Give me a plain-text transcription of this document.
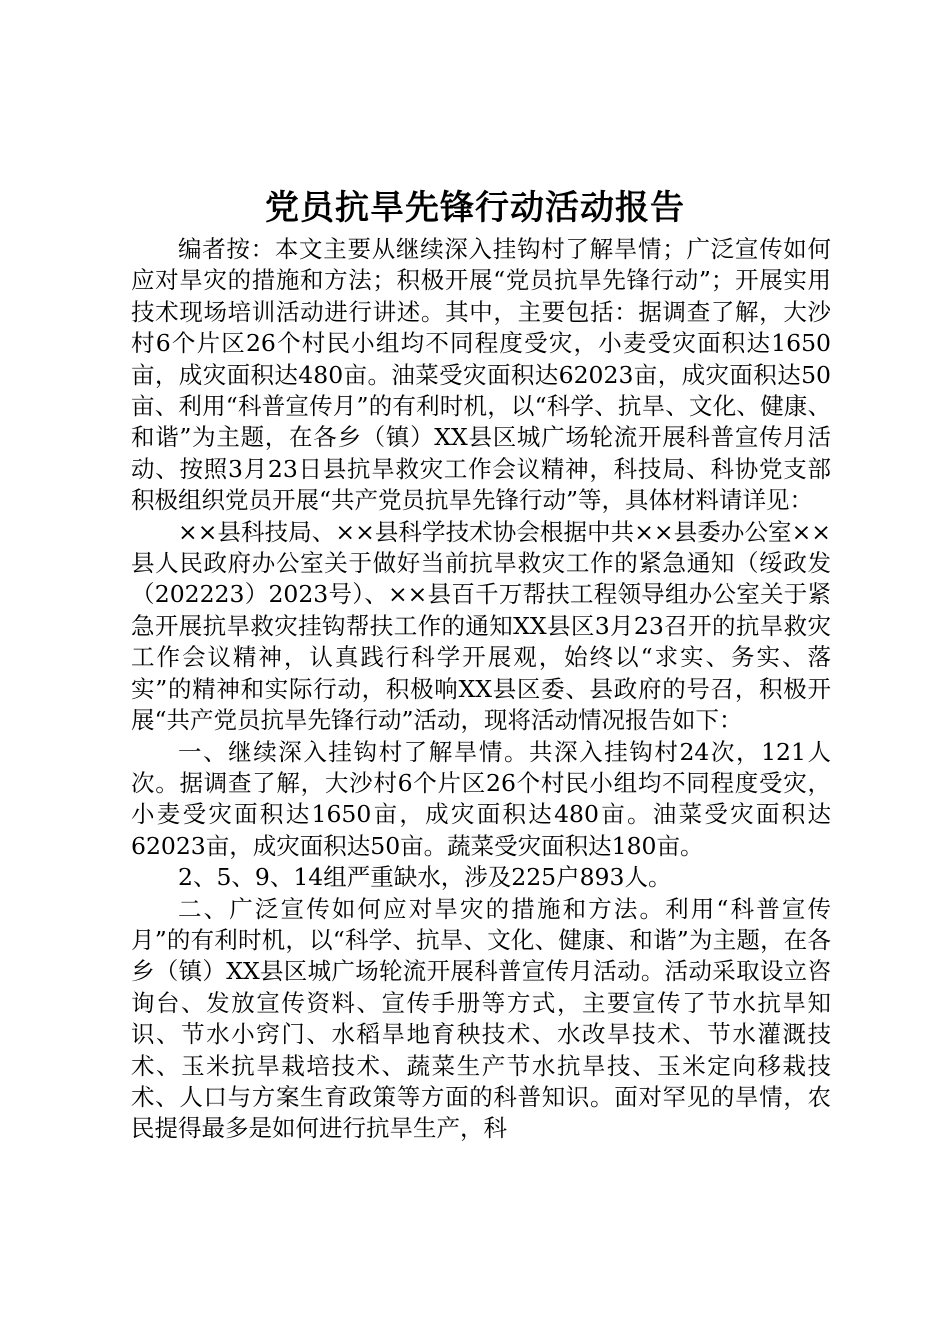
党员抗旱先锋行动活动报告

编者按：本文主要从继续深入挂钩村了解旱情；广泛宣传如何应对旱灾的措施和方法；积极开展“党员抗旱先锋行动”；开展实用技术现场培训活动进行讲述。其中，主要包括：据调查了解，大沙村6个片区26个村民小组均不同程度受灾，小麦受灾面积达1650亩，成灾面积达480亩。油菜受灾面积达62023亩，成灾面积达50亩、利用“科普宣传月”的有利时机，以“科学、抗旱、文化、健康、和谐”为主题，在各乡（镇）XX县区城广场轮流开展科普宣传月活动、按照3月23日县抗旱救灾工作会议精神，科技局、科协党支部积极组织党员开展“共产党员抗旱先锋行动”等，具体材料请详见：

××县科技局、××县科学技术协会根据中共××县委办公室××县人民政府办公室关于做好当前抗旱救灾工作的紧急通知（绥政发（202223）2023号）、××县百千万帮扶工程领导组办公室关于紧急开展抗旱救灾挂钩帮扶工作的通知XX县区3月23召开的抗旱救灾工作会议精神，认真践行科学开展观，始终以“求实、务实、落实”的精神和实际行动，积极响XX县区委、县政府的号召，积极开展“共产党员抗旱先锋行动”活动，现将活动情况报告如下：

一、继续深入挂钩村了解旱情。共深入挂钩村24次，121人次。据调查了解，大沙村6个片区26个村民小组均不同程度受灾，小麦受灾面积达1650亩，成灾面积达480亩。油菜受灾面积达62023亩，成灾面积达50亩。蔬菜受灾面积达180亩。

2、5、9、14组严重缺水，涉及225户893人。

二、广泛宣传如何应对旱灾的措施和方法。利用“科普宣传月”的有利时机，以“科学、抗旱、文化、健康、和谐”为主题，在各乡（镇）XX县区城广场轮流开展科普宣传月活动。活动采取设立咨询台、发放宣传资料、宣传手册等方式，主要宣传了节水抗旱知识、节水小窍门、水稻旱地育秧技术、水改旱技术、节水灌溉技术、玉米抗旱栽培技术、蔬菜生产节水抗旱技、玉米定向移栽技术、人口与方案生育政策等方面的科普知识。面对罕见的旱情，农民提得最多是如何进行抗旱生产，科
